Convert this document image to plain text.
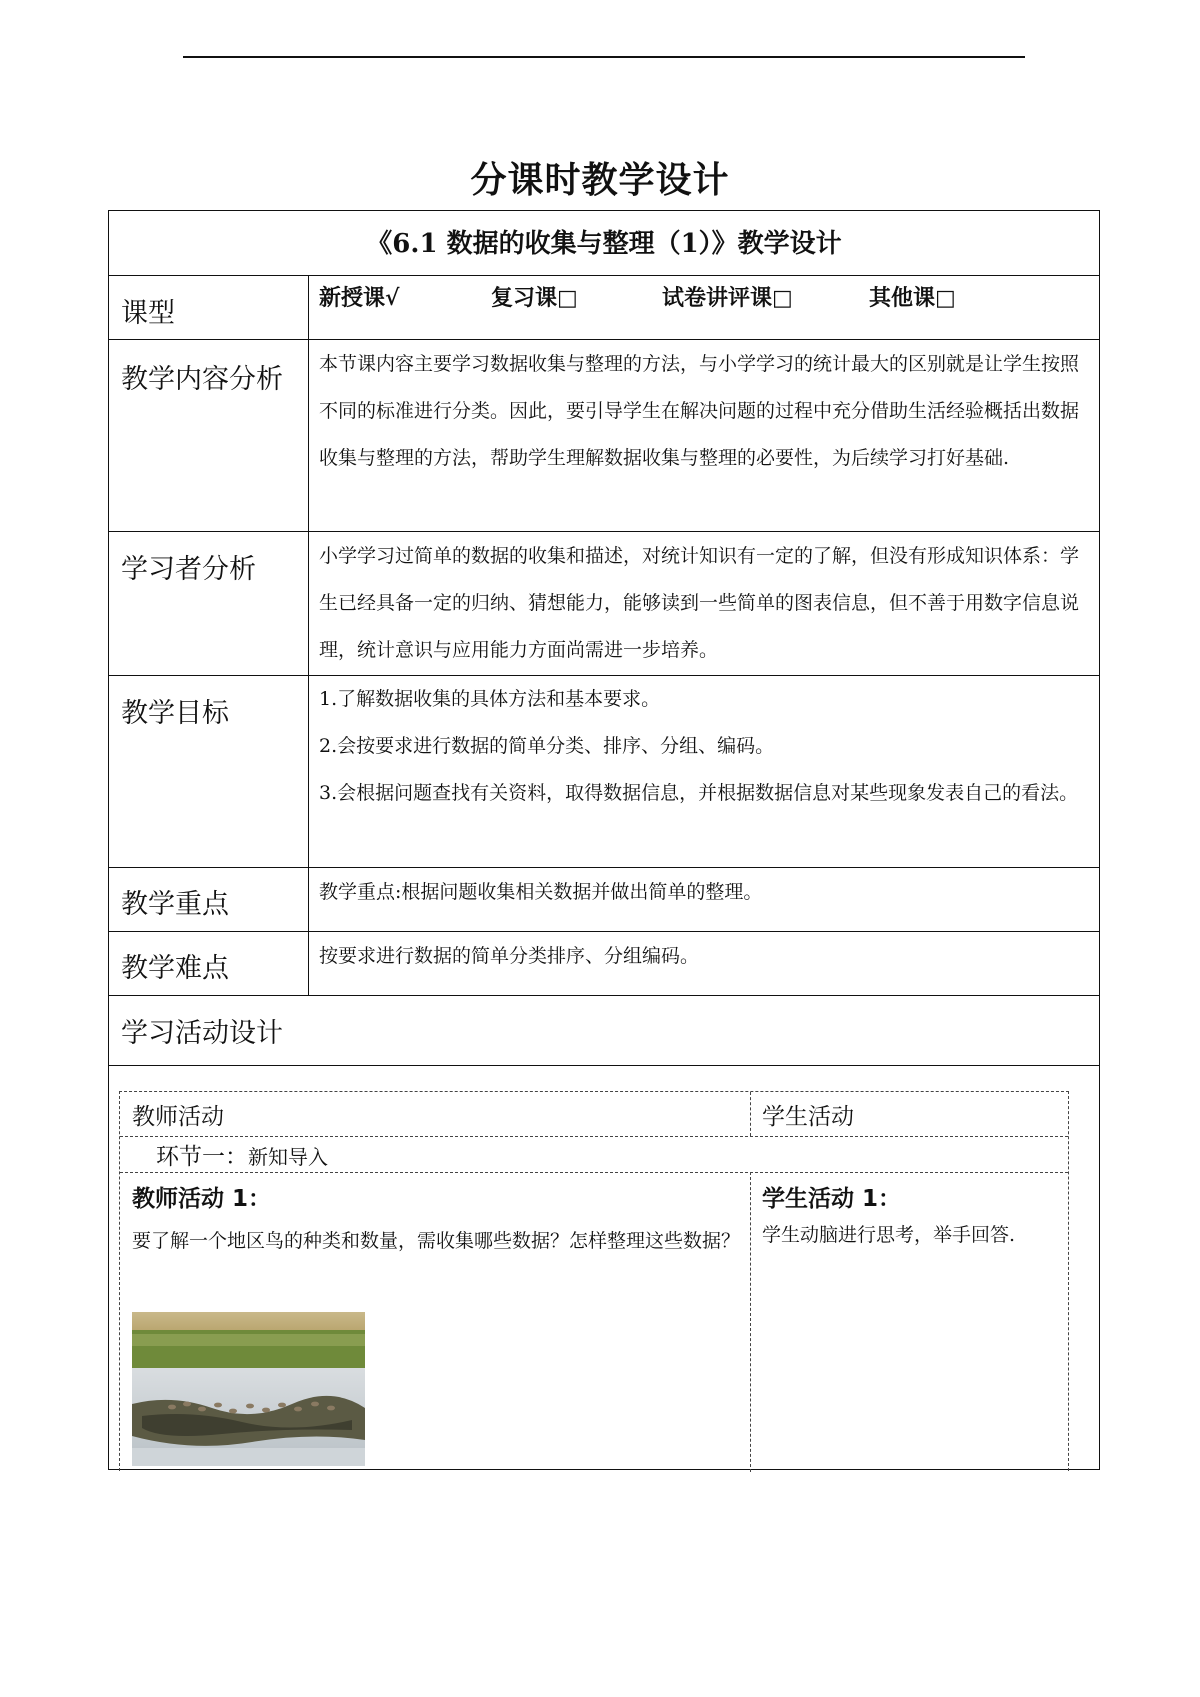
分课时教学设计
《6.1 数据的收集与整理（1）》教学设计
课型	新授课√	复习课□	试卷讲评课□	其他课□
教学内容分析 本节课内容主要学习数据收集与整理的方法，与小学学习的统计最大的区别就是让学生按照不同的标准进行分类。因此，要引导学生在解决问题的过程中充分借助生活经验概括出数据收集与整理的方法，帮助学生理解数据收集与整理的必要性，为后续学习打好基础.

学习者分析	小学学习过简单的数据的收集和描述，对统计知识有一定的了解，但没有形成知识体系：学生已经具备一定的归纳、猜想能力，能够读到一些简单的图表信息，但不善于用数字信息说理，统计意识与应用能力方面尚需进一步培养。

教学目标	1.了解数据收集的具体方法和基本要求。
2.会按要求进行数据的简单分类、排序、分组、编码。
3.会根据问题查找有关资料，取得数据信息，并根据数据信息对某些现象发表自己的看法。

教学重点	教学重点:根据问题收集相关数据并做出简单的整理。

教学难点	按要求进行数据的简单分类排序、分组编码。

学习活动设计
教师活动	学生活动
环节一：新知导入
教师活动 1：

要了解一个地区鸟的种类和数量，需收集哪些数据？怎样整理这些数据？

学生活动 1：

学生动脑进行思考，举手回答.
